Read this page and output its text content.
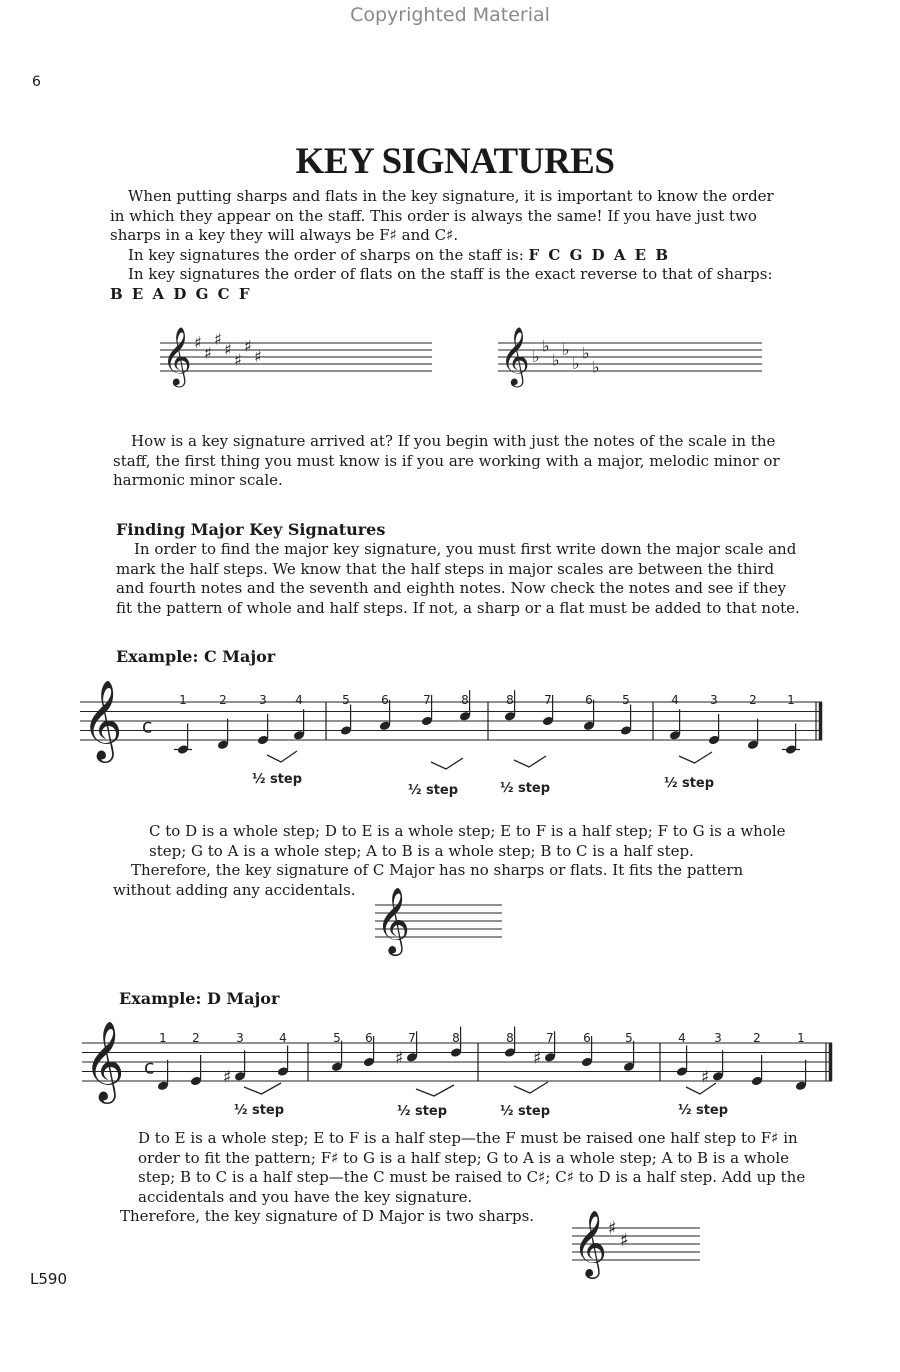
Copyrighted Material
6
L590
KEY SIGNATURES

When putting sharps and flats in the key signature, it is important to know the order in which they appear on the staff. This order is always the same! If you have just two sharps in a key they will always be F♯ and C♯.

In key signatures the order of sharps on the staff is: F C G D A E B

In key signatures the order of flats on the staff is the exact reverse to that of sharps:
B E A D G C F

How is a key signature arrived at? If you begin with just the notes of the scale in the staff, the first thing you must know is if you are working with a major, melodic minor or harmonic minor scale.
Finding Major Key Signatures
In order to find the major key signature, you must first write down the major scale and mark the half steps. We know that the half steps in major scales are between the third and fourth notes and the seventh and eighth notes. Now check the notes and see if they fit the pattern of whole and half steps. If not, a sharp or a flat must be added to that note.
Example: C Major

C to D is a whole step; D to E is a whole step; E to F is a half step; F to G is a whole step; G to A is a whole step; A to B is a whole step; B to C is a half step.

Therefore, the key signature of C Major has no sharps or flats. It fits the pattern without adding any accidentals.

Example: D Major

D to E is a whole step; E to F is a half step—the F must be raised one half step to F♯ in order to fit the pattern; F♯ to G is a half step; G to A is a whole step; A to B is a whole step; B to C is a half step—the C must be raised to C♯; C♯ to D is a half step. Add up the accidentals and you have the key signature.

Therefore, the key signature of D Major is two sharps.

𝄞	𝄞
𝄞
𝄞
𝄞 c
𝄞 c
♯
♯
♯
♯
♯
♯
♯	♭
♭
♭
♭
♭
♭
♭
♯
♯
♯
♯	♯
♯
1	2	3 4	5	6	7	8	8	7	6 5	4	3	2	1
½ step
½ step	½ step	½ step
1 2	3	4	5 6	7	8	8	7 6	5	4 3	2	1
½ step	½ step	½ step	½ step
